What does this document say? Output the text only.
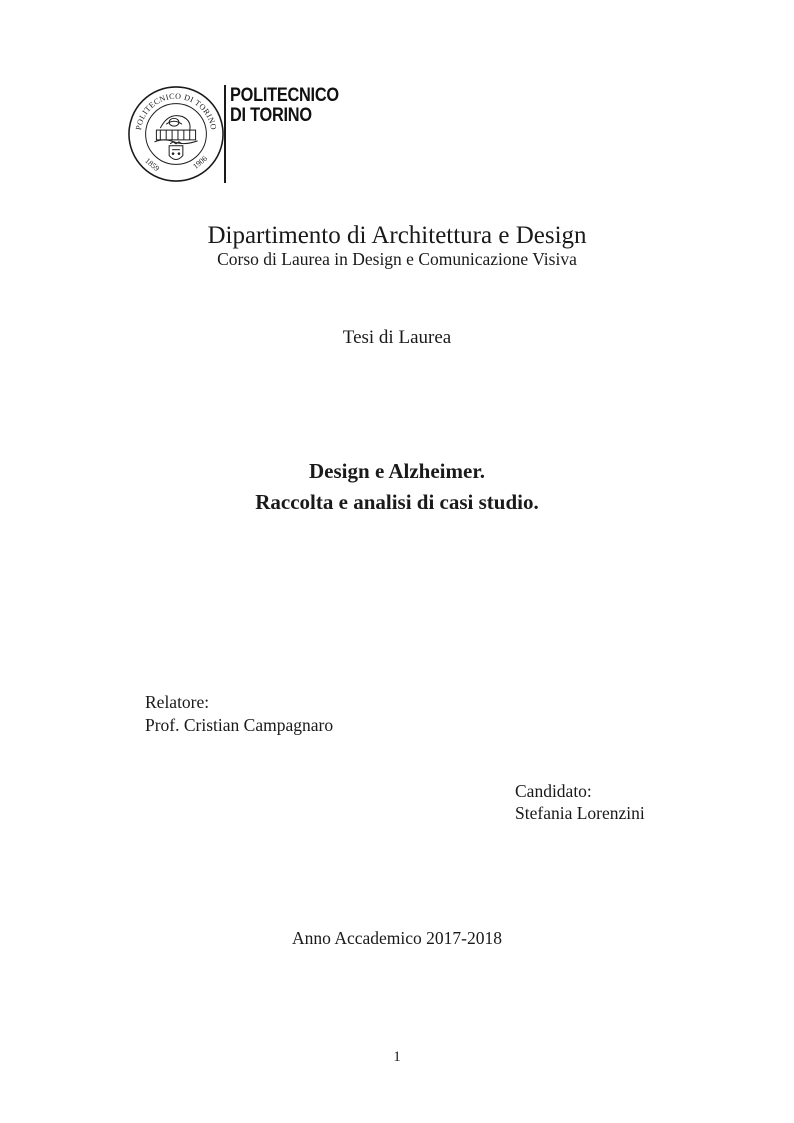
POLITECNICO DI TORINO
1859	1906
POLITECNICO
DI TORINO
Dipartimento di Architettura e Design
Corso di Laurea in Design e Comunicazione Visiva
Tesi di Laurea
Design e Alzheimer.
Raccolta e analisi di casi studio.
Relatore:
Prof. Cristian Campagnaro
Candidato:
Stefania Lorenzini
Anno Accademico 2017-2018
1
